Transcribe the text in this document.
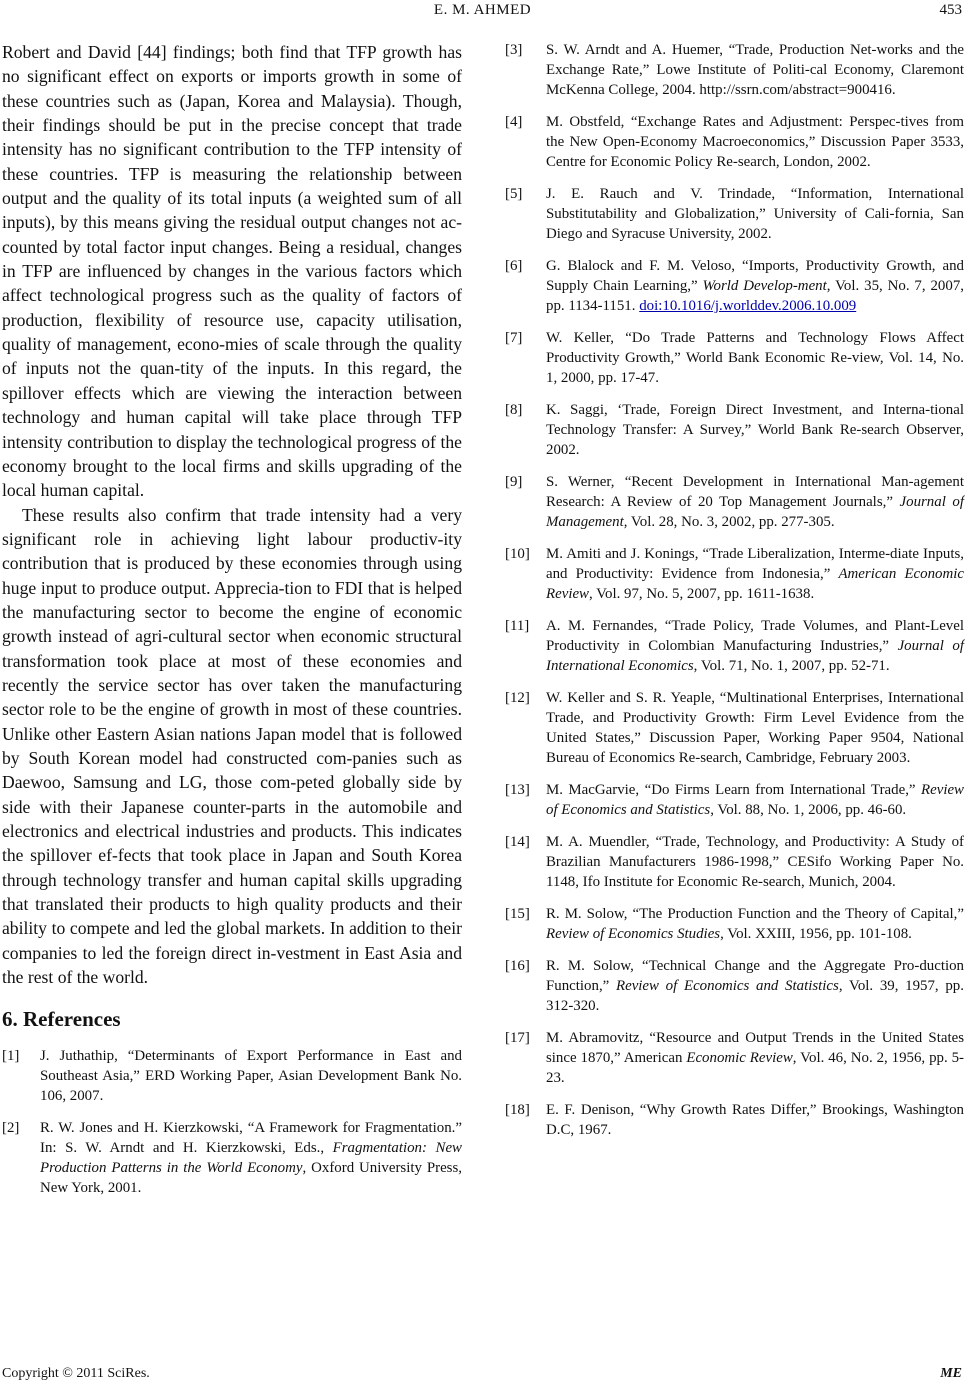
E. M. AHMED	453

Robert and David [44] findings; both find that TFP growth has no significant effect on exports or imports growth in some of these countries such as (Japan, Korea and Malaysia). Though, their findings should be put in the precise concept that trade intensity has no significant contribution to the TFP intensity of these countries. TFP is measuring the relationship between output and the quality of its total inputs (a weighted sum of all inputs), by this means giving the residual output changes not ac-counted by total factor input changes. Being a residual, changes in TFP are influenced by changes in the various factors which affect technological progress such as the quality of factors of production, flexibility of resource use, capacity utilisation, quality of management, econo-mies of scale through the quality of inputs not the quan-tity of the inputs. In this regard, the spillover effects which are viewing the interaction between technology and human capital will take place through TFP intensity contribution to display the technological progress of the economy brought to the local firms and skills upgrading of the local human capital.

These results also confirm that trade intensity had a very significant role in achieving light labour productiv-ity contribution that is produced by these economies through using huge input to produce output. Apprecia-tion to FDI that is helped the manufacturing sector to become the engine of economic growth instead of agri-cultural sector when economic structural transformation took place at most of these economies and recently the service sector has over taken the manufacturing sector role to be the engine of growth in most of these countries. Unlike other Eastern Asian nations Japan model that is followed by South Korean model had constructed com-panies such as Daewoo, Samsung and LG, those com-peted globally side by side with their Japanese counter-parts in the automobile and electronics and electrical industries and products. This indicates the spillover ef-fects that took place in Japan and South Korea through technology transfer and human capital skills upgrading that translated their products to high quality products and their ability to compete and led the global markets. In addition to their companies to led the foreign direct in-vestment in East Asia and the rest of the world.

6. References
[1] J. Juthathip, “Determinants of Export Performance in East and Southeast Asia,” ERD Working Paper, Asian Development Bank No. 106, 2007.
[2] R. W. Jones and H. Kierzkowski, “A Framework for Fragmentation.” In: S. W. Arndt and H. Kierzkowski, Eds., Fragmentation: New Production Patterns in the World Economy, Oxford University Press, New York, 2001.
[3] S. W. Arndt and A. Huemer, “Trade, Production Net-works and the Exchange Rate,” Lowe Institute of Politi-cal Economy, Claremont McKenna College, 2004. http://ssrn.com/abstract=900416.
[4] M. Obstfeld, “Exchange Rates and Adjustment: Perspec-tives from the New Open-Economy Macroeconomics,” Discussion Paper 3533, Centre for Economic Policy Re-search, London, 2002.
[5] J. E. Rauch and V. Trindade, “Information, International Substitutability and Globalization,” University of Cali-fornia, San Diego and Syracuse University, 2002.
[6] G. Blalock and F. M. Veloso, “Imports, Productivity Growth, and Supply Chain Learning,” World Develop-ment, Vol. 35, No. 7, 2007, pp. 1134-1151. doi:10.1016/j.worlddev.2006.10.009
[7] W. Keller, “Do Trade Patterns and Technology Flows Affect Productivity Growth,” World Bank Economic Re-view, Vol. 14, No. 1, 2000, pp. 17-47.
[8] K. Saggi, ‘Trade, Foreign Direct Investment, and Interna-tional Technology Transfer: A Survey,” World Bank Re-search Observer, 2002.
[9] S. Werner, “Recent Development in International Man-agement Research: A Review of 20 Top Management Journals,” Journal of Management, Vol. 28, No. 3, 2002, pp. 277-305.
[10] M. Amiti and J. Konings, “Trade Liberalization, Interme-diate Inputs, and Productivity: Evidence from Indonesia,” American Economic Review, Vol. 97, No. 5, 2007, pp. 1611-1638.
[11] A. M. Fernandes, “Trade Policy, Trade Volumes, and Plant-Level Productivity in Colombian Manufacturing Industries,” Journal of International Economics, Vol. 71, No. 1, 2007, pp. 52-71.
[12] W. Keller and S. R. Yeaple, “Multinational Enterprises, International Trade, and Productivity Growth: Firm Level Evidence from the United States,” Discussion Paper, Working Paper 9504, National Bureau of Economics Re-search, Cambridge, February 2003.
[13] M. MacGarvie, “Do Firms Learn from International Trade,” Review of Economics and Statistics, Vol. 88, No. 1, 2006, pp. 46-60.
[14] M. A. Muendler, “Trade, Technology, and Productivity: A Study of Brazilian Manufacturers 1986-1998,” CESifo Working Paper No. 1148, Ifo Institute for Economic Re-search, Munich, 2004.
[15] R. M. Solow, “The Production Function and the Theory of Capital,” Review of Economics Studies, Vol. XXIII, 1956, pp. 101-108.
[16] R. M. Solow, “Technical Change and the Aggregate Pro-duction Function,” Review of Economics and Statistics, Vol. 39, 1957, pp. 312-320.
[17] M. Abramovitz, “Resource and Output Trends in the United States since 1870,” American Economic Review, Vol. 46, No. 2, 1956, pp. 5-23.
[18] E. F. Denison, “Why Growth Rates Differ,” Brookings, Washington D.C, 1967.
Copyright © 2011 SciRes.	ME
